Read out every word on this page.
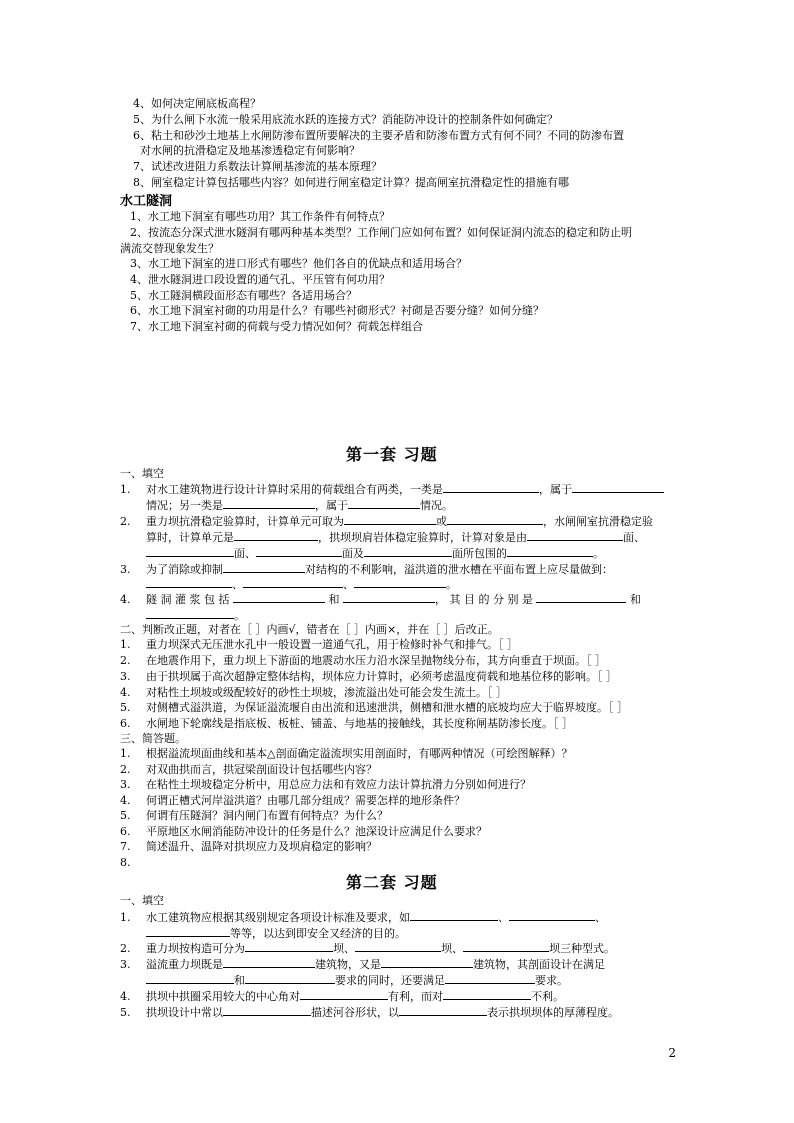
4、如何决定闸底板高程？
5、为什么闸下水流一般采用底流水跃的连接方式？消能防冲设计的控制条件如何确定？
6、粘土和砂沙土地基上水闸防渗布置所要解决的主要矛盾和防渗布置方式有何不同？不同的防渗布置
对水闸的抗滑稳定及地基渗透稳定有何影响？
7、试述改进阻力系数法计算闸基渗流的基本原理？
8、闸室稳定计算包括哪些内容？如何进行闸室稳定计算？提高闸室抗滑稳定性的措施有哪
水工隧洞
1、水工地下洞室有哪些功用？其工作条件有何特点？
2、按流态分深式泄水隧洞有哪两种基本类型？工作闸门应如何布置？如何保证洞内流态的稳定和防止明
满流交替现象发生？
3、水工地下洞室的进口形式有哪些？他们各自的优缺点和适用场合？
4、泄水隧洞进口段设置的通气孔、平压管有何功用？
5、水工隧洞横段面形态有哪些？各适用场合？
6、水工地下洞室衬砌的功用是什么？有哪些衬砌形式？衬砌是否要分缝？如何分缝？
7、水工地下洞室衬砌的荷载与受力情况如何？荷载怎样组合
第一套 习题
一、填空
1. 对水工建筑物进行设计计算时采用的荷载组合有两类，一类是	，属于
情况；另一类是	，属于	情况。
2. 重力坝抗滑稳定验算时，计算单元可取为	或	，水闸闸室抗滑稳定验
算时，计算单元是	，拱坝坝肩岩体稳定验算时，计算对象是由	面、
面、	面及	面所包围的	。
3. 为了消除或抑制	对结构的不利影响，溢洪道的泄水槽在平面布置上应尽量做到：
、	、	。
4. 隧 洞 灌 浆 包 括	和	， 其 目 的 分 别 是	和
。
二、判断改正题，对者在［ ］内画√，错者在［ ］内画×，并在［ ］后改正。
1. 重力坝深式无压泄水孔中一般设置一道通气孔，用于检修时补气和排气。［ ］
2. 在地震作用下，重力坝上下游面的地震动水压力沿水深呈抛物线分布，其方向垂直于坝面。［ ］
3. 由于拱坝属于高次超静定整体结构，坝体应力计算时，必须考虑温度荷载和地基位移的影响。［ ］
4. 对粘性土坝坡或级配较好的砂性土坝坡，渗流溢出处可能会发生流土。［ ］
5. 对侧槽式溢洪道，为保证溢流堰自由出流和迅速泄洪，侧槽和泄水槽的底坡均应大于临界坡度。［ ］
6. 水闸地下轮廓线是指底板、板桩、铺盖、与地基的接触线，其长度称闸基防渗长度。［ ］
三、简答题。
1. 根据溢流坝面曲线和基本△剖面确定溢流坝实用剖面时，有哪两种情况（可绘图解释）？
2. 对双曲拱而言，拱冠梁剖面设计包括哪些内容？
3. 在粘性土坝坡稳定分析中，用总应力法和有效应力法计算抗滑力分别如何进行？
4. 何谓正槽式河岸溢洪道？由哪几部分组成？需要怎样的地形条件？
5. 何谓有压隧洞？洞内闸门布置有何特点？为什么？
6. 平原地区水闸消能防冲设计的任务是什么？池深设计应满足什么要求？
7. 简述温升、温降对拱坝应力及坝肩稳定的影响？
8.
第二套 习题
一、填空
1. 水工建筑物应根据其级别规定各项设计标准及要求，如	、	、
等等，以达到即安全又经济的目的。
2. 重力坝按构造可分为	坝、	坝、	坝三种型式。
3. 溢流重力坝既是	建筑物，又是	建筑物，其剖面设计在满足
和	要求的同时，还要满足	要求。
4. 拱坝中拱圈采用较大的中心角对	有利，而对	不利。
5. 拱坝设计中常以	描述河谷形状，以	表示拱坝坝体的厚薄程度。
2
